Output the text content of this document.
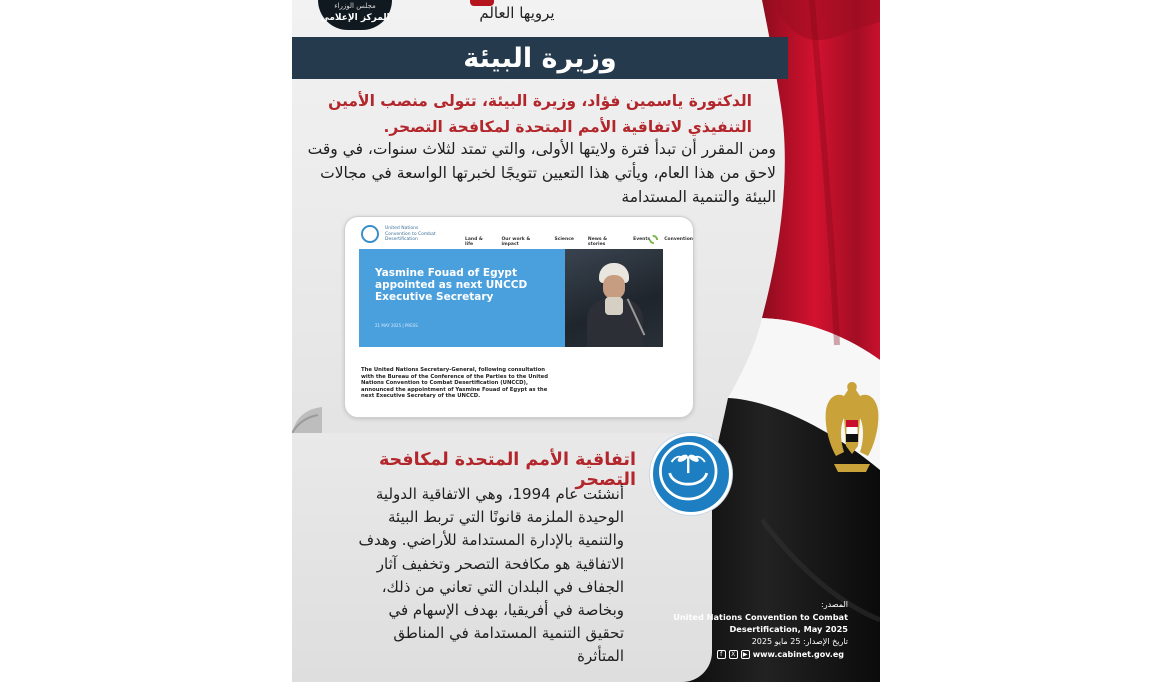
يرويها العالم
مجلس الوزراء
المركز الإعلامي
وزيرة البيئة
الدكتورة ياسمين فؤاد، وزيرة البيئة، تتولى منصب الأمين التنفيذي لاتفاقية الأمم المتحدة لمكافحة التصحر.
ومن المقرر أن تبدأ فترة ولايتها الأولى، والتي تمتد لثلاث سنوات، في وقت لاحق من هذا العام، ويأتي هذا التعيين تتويجًا لخبرتها الواسعة في مجالات البيئة والتنمية المستدامة
United Nations Convention to Combat Desertification	Land & life
Our work & impact
Science	News & stories
Events	Convention
Yasmine Fouad of Egypt appointed as next UNCCD Executive Secretary
21 MAY 2025 | PRESS
The United Nations Secretary-General, following consultation with the Bureau of the Conference of the Parties to the United Nations Convention to Combat Desertification (UNCCD), announced the appointment of Yasmine Fouad of Egypt as the next Executive Secretary of the UNCCD.
اتفاقية الأمم المتحدة لمكافحة التصحر
أنشئت عام 1994، وهي الاتفاقية الدولية الوحيدة الملزمة قانونًا التي تربط البيئة والتنمية بالإدارة المستدامة للأراضي. وهدف الاتفاقية هو مكافحة التصحر وتخفيف آثار الجفاف في البلدان التي تعاني من ذلك، وبخاصة في أفريقيا، بهدف الإسهام في تحقيق التنمية المستدامة في المناطق المتأثرة
المصدر:
United Nations Convention to Combat Desertification, May 2025
تاريخ الإصدار: 25 مايو 2025
f	X	▶ www.cabinet.gov.eg
